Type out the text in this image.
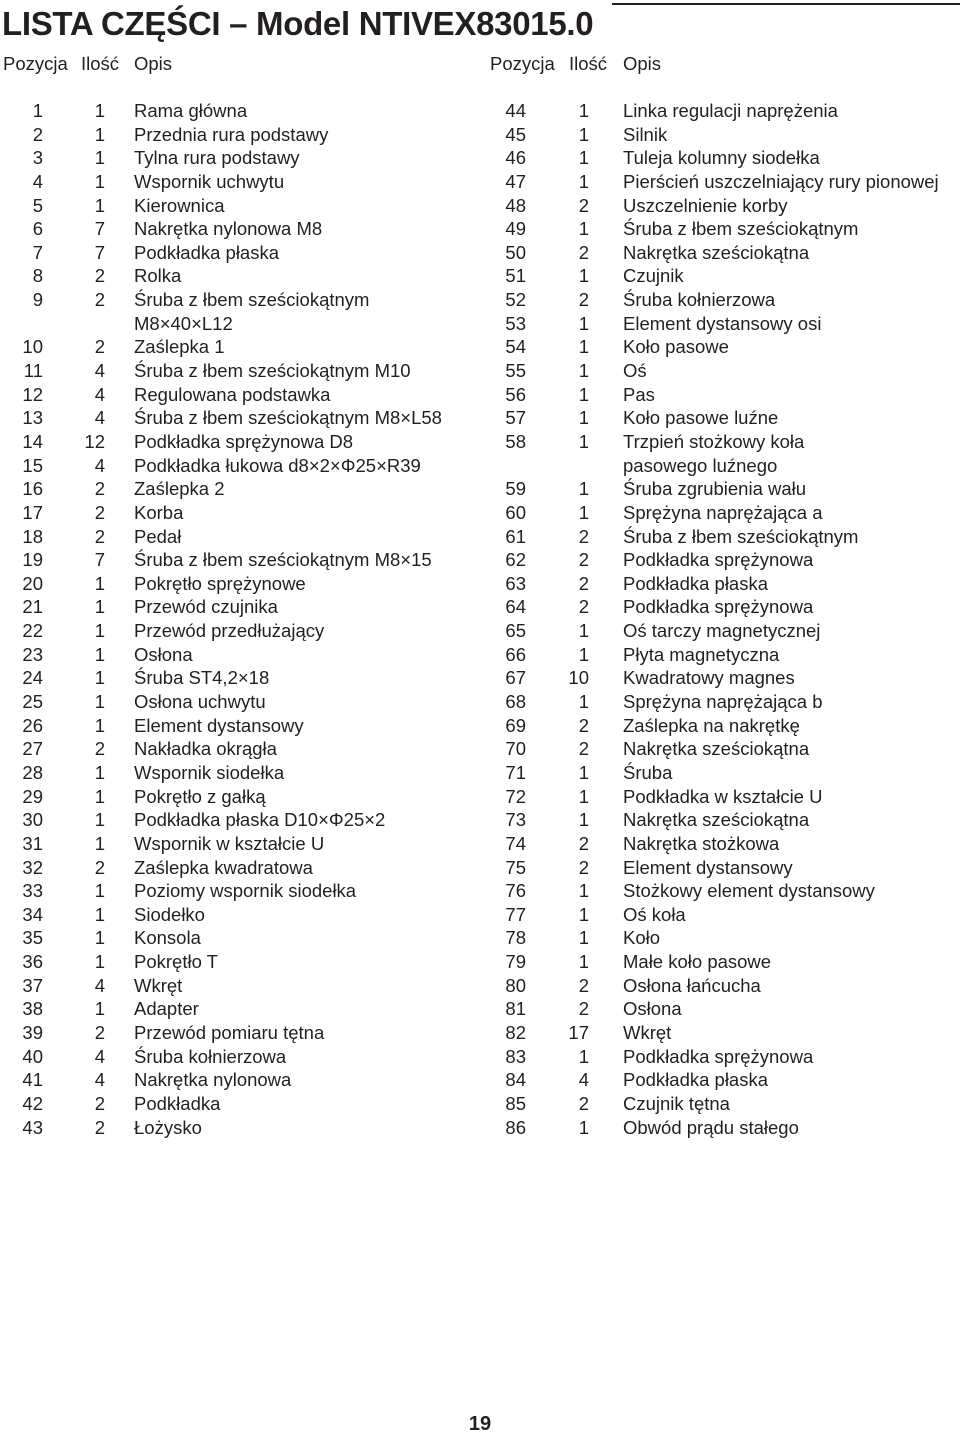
LISTA CZĘŚCI – Model NTIVEX83015.0
Pozycja Ilość Opis
1	1 Rama główna
2	1 Przednia rura podstawy
3	1 Tylna rura podstawy
4	1 Wspornik uchwytu
5	1 Kierownica
6	7 Nakrętka nylonowa M8
7	7 Podkładka płaska
8	2 Rolka
9	2 Śruba z łbem sześciokątnym
M8×40×L12
10	2 Zaślepka 1
11	4 Śruba z łbem sześciokątnym M10
12	4 Regulowana podstawka
13	4 Śruba z łbem sześciokątnym M8×L58
14 12 Podkładka sprężynowa D8
15	4 Podkładka łukowa d8×2×Φ25×R39
16	2 Zaślepka 2
17	2 Korba
18	2 Pedał
19	7 Śruba z łbem sześciokątnym M8×15
20	1 Pokrętło sprężynowe
21	1 Przewód czujnika
22	1 Przewód przedłużający
23	1 Osłona
24	1 Śruba ST4,2×18
25	1 Osłona uchwytu
26	1 Element dystansowy
27	2 Nakładka okrągła
28	1 Wspornik siodełka
29	1 Pokrętło z gałką
30	1 Podkładka płaska D10×Φ25×2
31	1 Wspornik w kształcie U
32	2 Zaślepka kwadratowa
33	1 Poziomy wspornik siodełka
34	1 Siodełko
35	1 Konsola
36	1 Pokrętło T
37	4 Wkręt
38	1 Adapter
39	2 Przewód pomiaru tętna
40	4 Śruba kołnierzowa
41	4 Nakrętka nylonowa
42	2 Podkładka
43	2 Łożysko
Pozycja Ilość Opis
44	1 Linka regulacji naprężenia
45	1 Silnik
46	1 Tuleja kolumny siodełka
47	1 Pierścień uszczelniający rury pionowej
48	2 Uszczelnienie korby
49	1 Śruba z łbem sześciokątnym
50	2 Nakrętka sześciokątna
51	1 Czujnik
52	2 Śruba kołnierzowa
53	1 Element dystansowy osi
54	1 Koło pasowe
55	1 Oś
56	1 Pas
57	1 Koło pasowe luźne
58	1 Trzpień stożkowy koła
pasowego luźnego
59	1 Śruba zgrubienia wału
60	1 Sprężyna naprężająca a
61	2 Śruba z łbem sześciokątnym
62	2 Podkładka sprężynowa
63	2 Podkładka płaska
64	2 Podkładka sprężynowa
65	1 Oś tarczy magnetycznej
66	1 Płyta magnetyczna
67 10 Kwadratowy magnes
68	1 Sprężyna naprężająca b
69	2 Zaślepka na nakrętkę
70	2 Nakrętka sześciokątna
71	1 Śruba
72	1 Podkładka w kształcie U
73	1 Nakrętka sześciokątna
74	2 Nakrętka stożkowa
75	2 Element dystansowy
76	1 Stożkowy element dystansowy
77	1 Oś koła
78	1 Koło
79	1 Małe koło pasowe
80	2 Osłona łańcucha
81	2 Osłona
82 17 Wkręt
83	1 Podkładka sprężynowa
84	4 Podkładka płaska
85	2 Czujnik tętna
86	1 Obwód prądu stałego
19
